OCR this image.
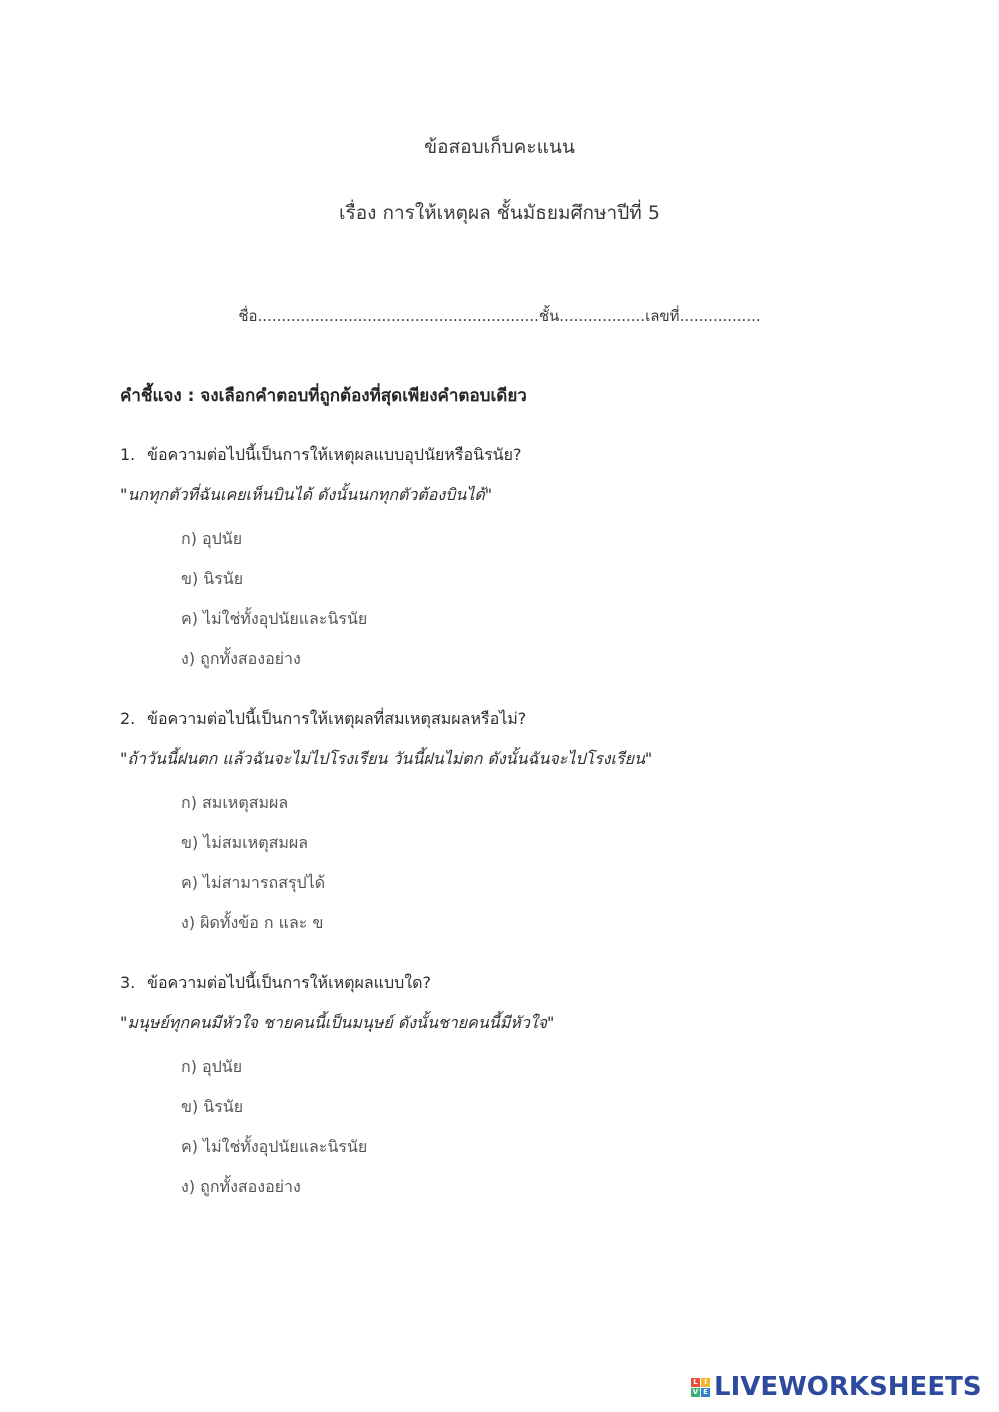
ข้อสอบเก็บคะแนน
เรื่อง การให้เหตุผล ชั้นมัธยมศึกษาปีที่ 5
ชื่อ...........................................................ชั้น..................เลขที่.................
คำชี้แจง : จงเลือกคำตอบที่ถูกต้องที่สุดเพียงคำตอบเดียว
1. ข้อความต่อไปนี้เป็นการให้เหตุผลแบบอุปนัยหรือนิรนัย?
"นกทุกตัวที่ฉันเคยเห็นบินได้ ดังนั้นนกทุกตัวต้องบินได้"
ก) อุปนัย
ข) นิรนัย
ค) ไม่ใช่ทั้งอุปนัยและนิรนัย
ง) ถูกทั้งสองอย่าง
2. ข้อความต่อไปนี้เป็นการให้เหตุผลที่สมเหตุสมผลหรือไม่?
"ถ้าวันนี้ฝนตก แล้วฉันจะไม่ไปโรงเรียน วันนี้ฝนไม่ตก ดังนั้นฉันจะไปโรงเรียน"
ก) สมเหตุสมผล
ข) ไม่สมเหตุสมผล
ค) ไม่สามารถสรุปได้
ง) ผิดทั้งข้อ ก และ ข
3. ข้อความต่อไปนี้เป็นการให้เหตุผลแบบใด?
"มนุษย์ทุกคนมีหัวใจ ชายคนนี้เป็นมนุษย์ ดังนั้นชายคนนี้มีหัวใจ"
ก) อุปนัย
ข) นิรนัย
ค) ไม่ใช่ทั้งอุปนัยและนิรนัย
ง) ถูกทั้งสองอย่าง
L I
V E LIVEWORKSHEETS
